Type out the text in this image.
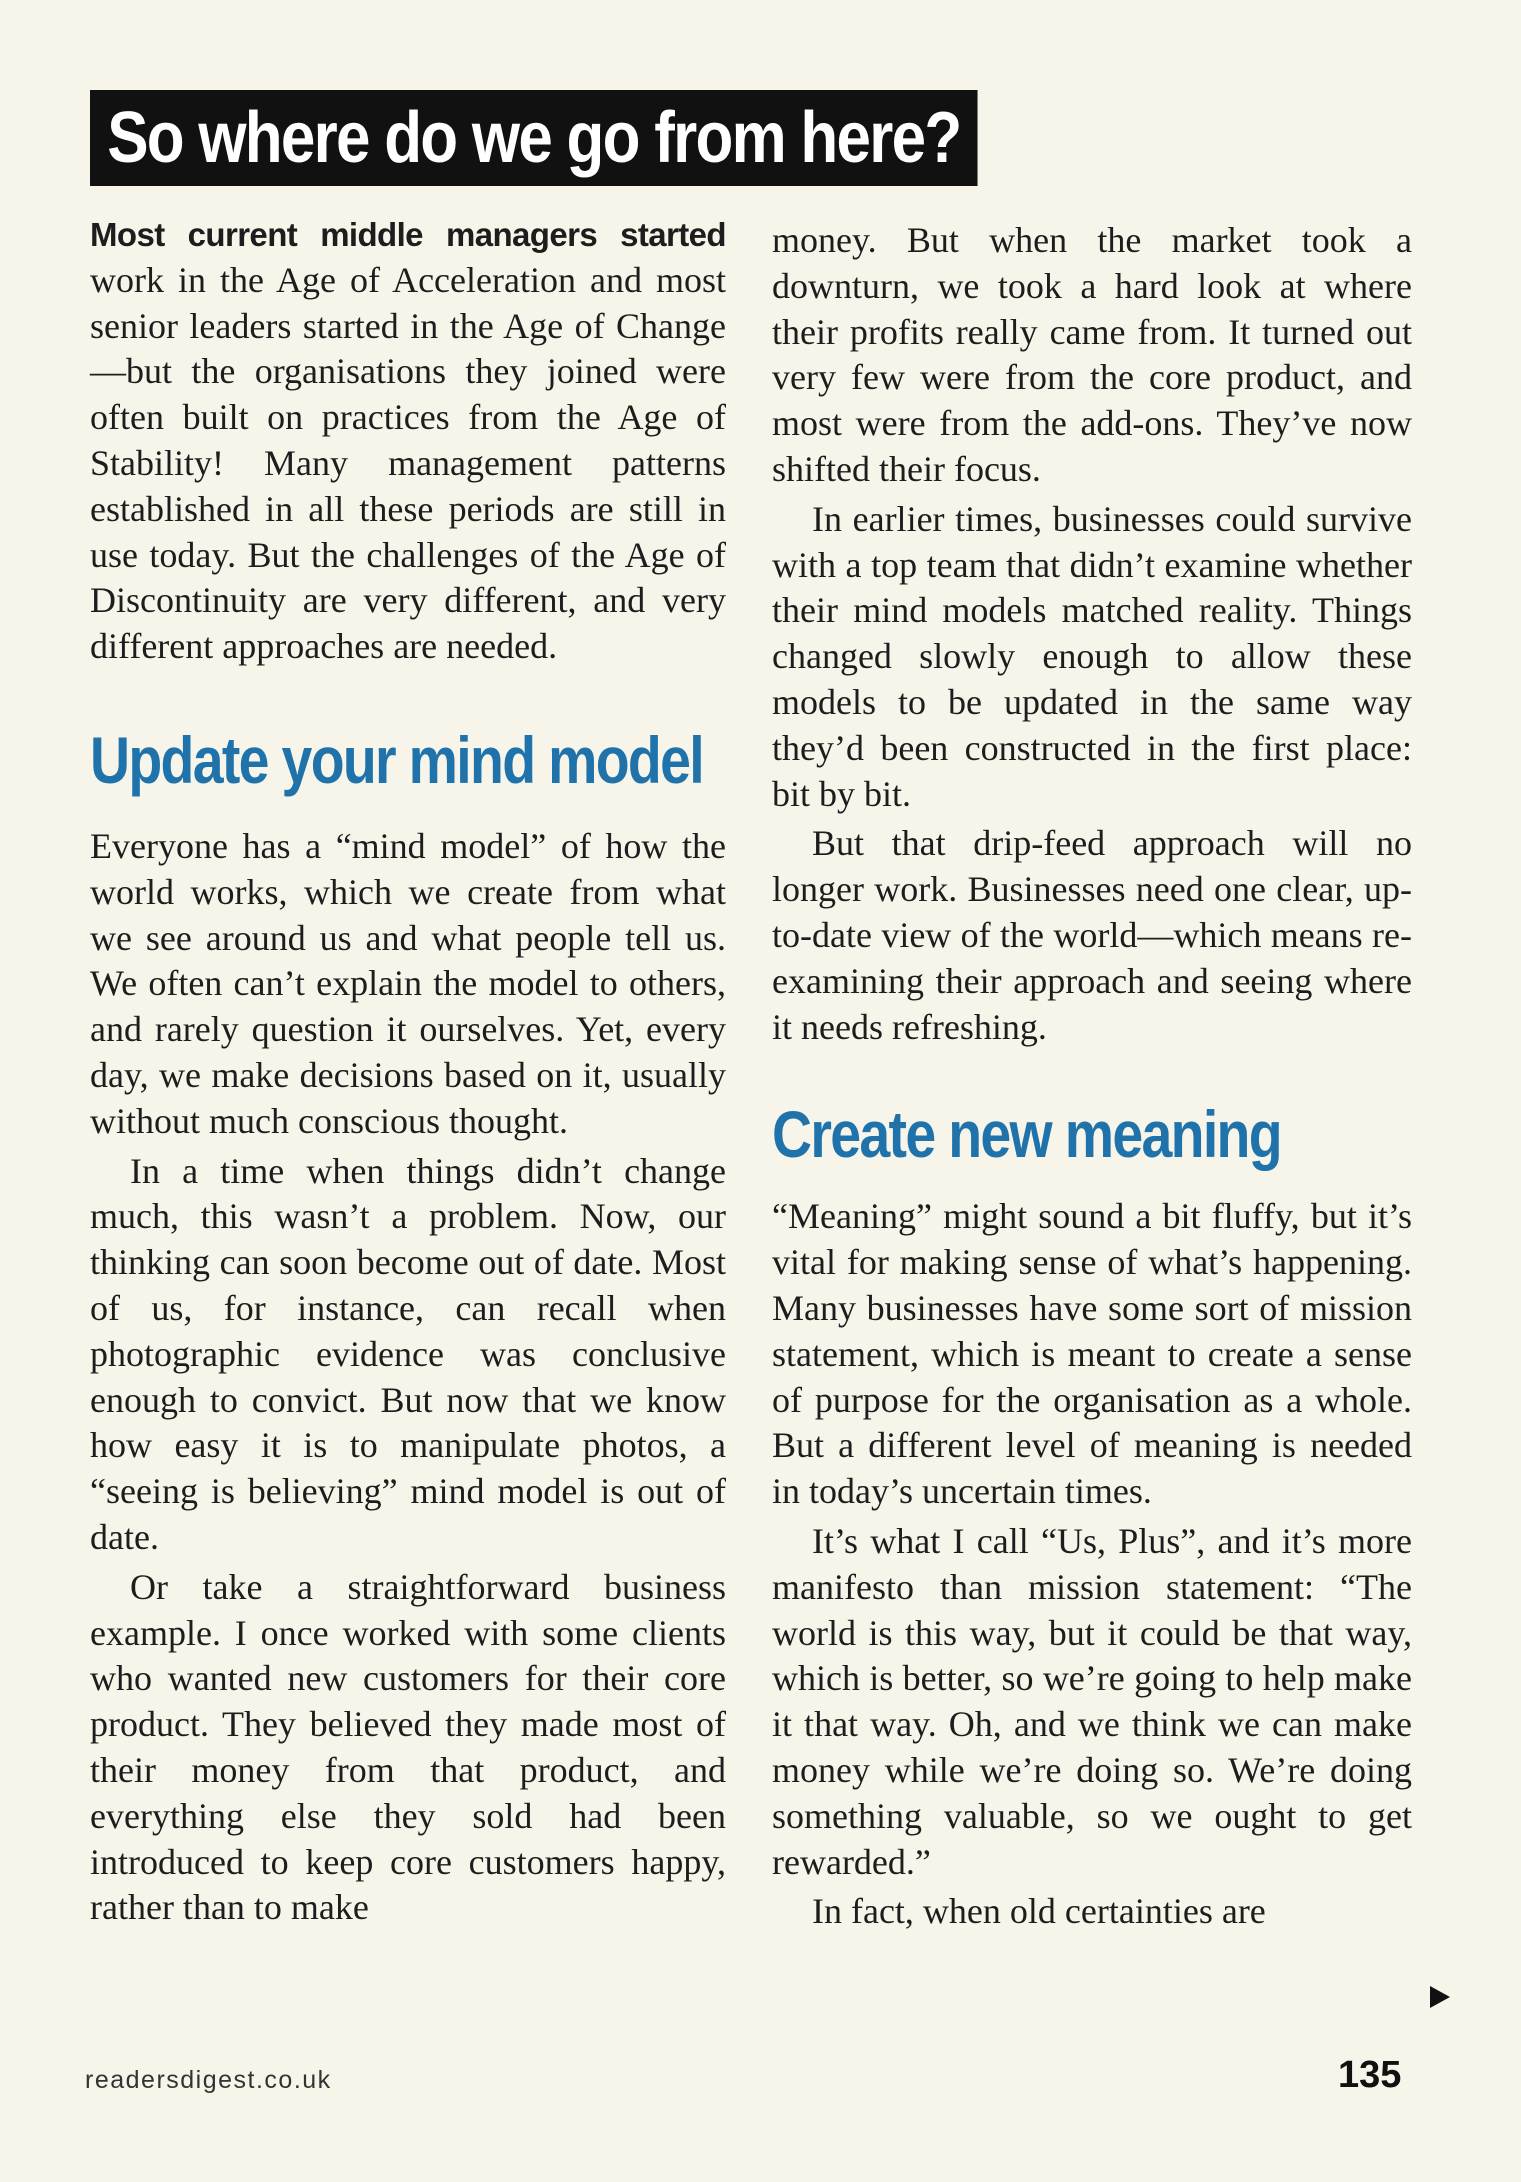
So where do we go from here?

Most current middle managers started work in the Age of Acceleration and most senior leaders started in the Age of Change—but the organisations they joined were often built on practices from the Age of Stability! Many management patterns established in all these periods are still in use today. But the challenges of the Age of Discontinuity are very different, and very different approaches are needed.

Update your mind model

Everyone has a “mind model” of how the world works, which we create from what we see around us and what people tell us. We often can’t explain the model to others, and rarely question it ourselves. Yet, every day, we make decisions based on it, usually without much conscious thought.

In a time when things didn’t change much, this wasn’t a problem. Now, our thinking can soon become out of date. Most of us, for instance, can recall when photographic evidence was conclusive enough to convict. But now that we know how easy it is to manipulate photos, a “seeing is believing” mind model is out of date.

Or take a straightforward business example. I once worked with some clients who wanted new customers for their core product. They believed they made most of their money from that product, and everything else they sold had been introduced to keep core customers happy, rather than to make

money. But when the market took a downturn, we took a hard look at where their profits really came from. It turned out very few were from the core product, and most were from the add-ons. They’ve now shifted their focus.

In earlier times, businesses could survive with a top team that didn’t examine whether their mind models matched reality. Things changed slowly enough to allow these models to be updated in the same way they’d been constructed in the first place: bit by bit.

But that drip-feed approach will no longer work. Businesses need one clear, up-to-date view of the world—which means re-examining their approach and seeing where it needs refreshing.

Create new meaning

“Meaning” might sound a bit fluffy, but it’s vital for making sense of what’s happening. Many businesses have some sort of mission statement, which is meant to create a sense of purpose for the organisation as a whole. But a different level of meaning is needed in today’s uncertain times.

It’s what I call “Us, Plus”, and it’s more manifesto than mission statement: “The world is this way, but it could be that way, which is better, so we’re going to help make it that way. Oh, and we think we can make money while we’re doing so. We’re doing something valuable, so we ought to get rewarded.”

In fact, when old certainties are

readersdigest.co.uk	135
